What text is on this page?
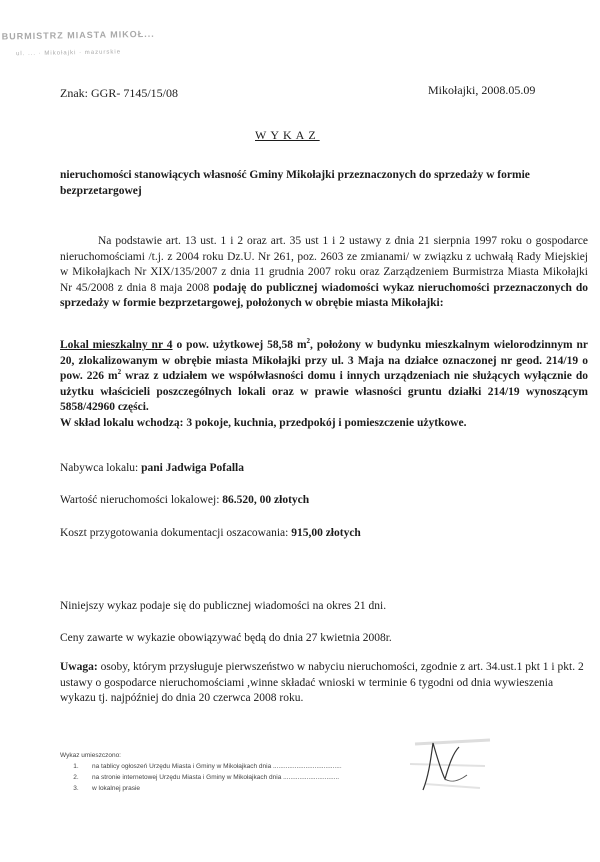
BURMISTRZ MIASTA MIKOŁ...
ul. ... · Mikołajki · mazurskie
Znak: GGR- 7145/15/08	Mikołajki, 2008.05.09
WYKAZ
nieruchomości stanowiących własność Gminy Mikołajki przeznaczonych do sprzedaży w formie bezprzetargowej
Na podstawie art. 13 ust. 1 i 2 oraz art. 35 ust 1 i 2 ustawy z dnia 21 sierpnia 1997 roku o gospodarce nieruchomościami /t.j. z 2004 roku Dz.U. Nr 261, poz. 2603 ze zmianami/ w związku z uchwałą Rady Miejskiej w Mikołajkach Nr XIX/135/2007 z dnia 11 grudnia 2007 roku oraz Zarządzeniem Burmistrza Miasta Mikołajki Nr 45/2008 z dnia 8 maja 2008 podaję do publicznej wiadomości wykaz nieruchomości przeznaczonych do sprzedaży w formie bezprzetargowej, położonych w obrębie miasta Mikołajki:
Lokal mieszkalny nr 4 o pow. użytkowej 58,58 $m^2$, położony w budynku mieszkalnym wielorodzinnym nr 20, zlokalizowanym w obrębie miasta Mikołajki przy ul. 3 Maja na działce oznaczonej nr geod. 214/19 o pow. 226 $m^2$ wraz z udziałem we współwłasności domu i innych urządzeniach nie służących wyłącznie do użytku właścicieli poszczególnych lokali oraz w prawie własności gruntu działki 214/19 wynoszącym 5858/42960 części.
W skład lokalu wchodzą: 3 pokoje, kuchnia, przedpokój i pomieszczenie użytkowe.
Nabywca lokalu: pani Jadwiga Pofalla
Wartość nieruchomości lokalowej: 86.520, 00 złotych
Koszt przygotowania dokumentacji oszacowania: 915,00 złotych
Niniejszy wykaz podaje się do publicznej wiadomości na okres 21 dni.
Ceny zawarte w wykazie obowiązywać będą do dnia 27 kwietnia 2008r.
Uwaga: osoby, którym przysługuje pierwszeństwo w nabyciu nieruchomości, zgodnie z art. 34.ust.1 pkt 1 i pkt. 2 ustawy o gospodarce nieruchomościami ,winne składać wnioski w terminie 6 tygodni od dnia wywieszenia wykazu tj. najpóźniej do dnia 20 czerwca 2008 roku.
Wykaz umieszczono:
1. na tablicy ogłoszeń Urzędu Miasta i Gminy w Mikołajkach dnia ......................................
2. na stronie internetowej Urzędu Miasta i Gminy w Mikołajkach dnia ...............................
3. w lokalnej prasie
